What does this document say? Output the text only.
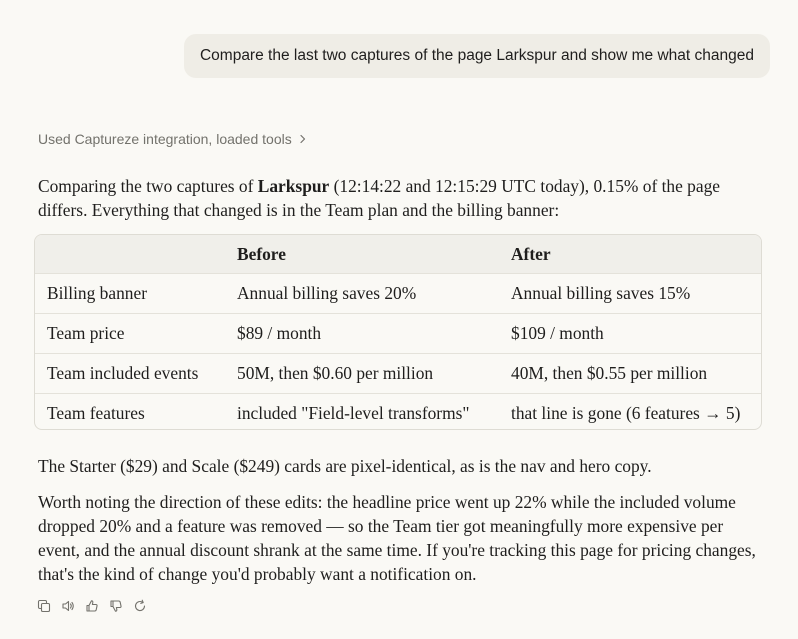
Compare the last two captures of the page Larkspur and show me what changed
Used Captureze integration, loaded tools

Comparing the two captures of Larkspur (12:14:22 and 12:15:29 UTC today), 0.15% of the page differs. Everything that changed is in the Team plan and the billing banner:

	Before	After
Billing banner	Annual billing saves 20%	Annual billing saves 15%
Team price	$89 / month	$109 / month
Team included events	50M, then $0.60 per million	40M, then $0.55 per million
Team features	included "Field-level transforms"	that line is gone (6 features → 5)

The Starter ($29) and Scale ($249) cards are pixel-identical, as is the nav and hero copy.

Worth noting the direction of these edits: the headline price went up 22% while the included volume dropped 20% and a feature was removed — so the Team tier got meaningfully more expensive per event, and the annual discount shrank at the same time. If you're tracking this page for pricing changes, that's the kind of change you'd probably want a notification on.
